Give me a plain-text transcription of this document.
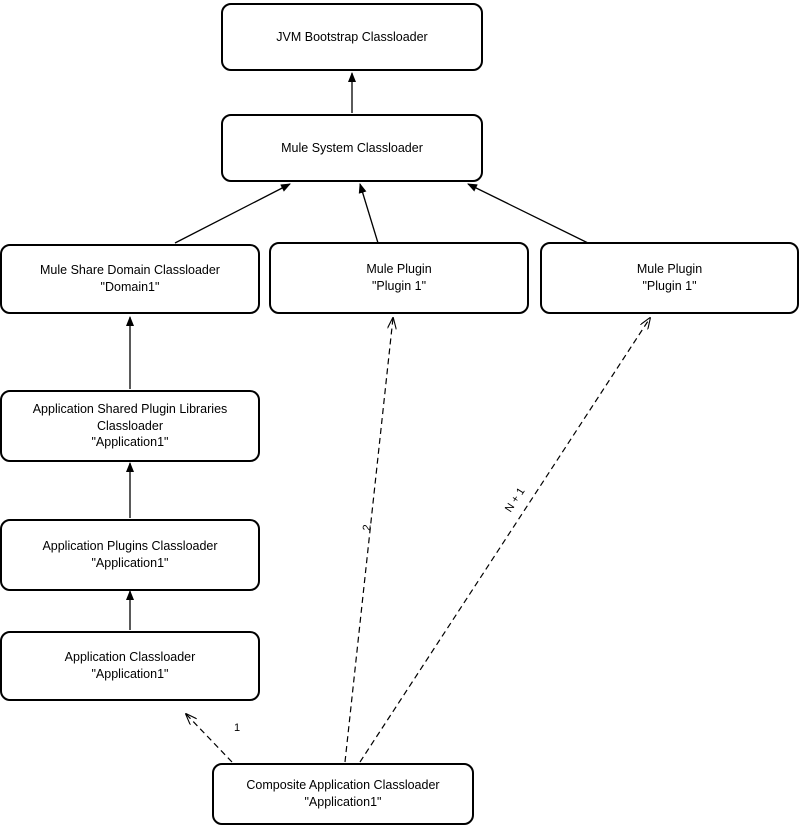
JVM Bootstrap Classloader
Mule System Classloader
Mule Share Domain Classloader
"Domain1"
Mule Plugin
"Plugin 1"
Mule Plugin
"Plugin 1"
Application Shared Plugin Libraries Classloader
"Application1"
Application Plugins Classloader
"Application1"
Application Classloader
"Application1"
Composite Application Classloader
"Application1"
1
2
N + 1
